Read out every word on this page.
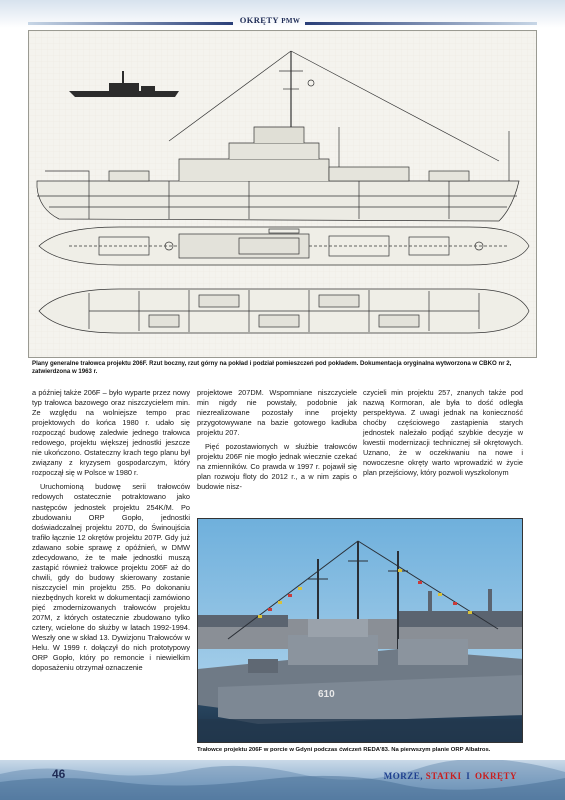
OKRĘTY PMW
Plany generalne trałowca projektu 206F. Rzut boczny, rzut górny na pokład i podział pomieszczeń pod pokładem. Dokumentacja oryginalna wytworzona w CBKO nr 2, zatwierdzona w 1963 r.

a później także 206F – było wyparte przez nowy typ trałowca bazowego oraz niszczycielem min. Ze względu na wolniejsze tempo prac projektowych do końca 1980 r. udało się rozpocząć budowę zaledwie jednego trałowca redowego, projektu większej jednostki jeszcze nie ukończono. Ostateczny krach tego planu był związany z kryzysem gospodarczym, który rozpoczął się w Polsce w 1980 r.

Uruchomioną budowę serii trałowców redowych ostatecznie potraktowano jako następców jednostek projektu 254K/M. Po zbudowaniu ORP Gopło, jednostki doświadczalnej projektu 207D, do Świnoujścia trafiło łącznie 12 okrętów projektu 207P. Gdy już zdawano sobie sprawę z opóźnień, w DMW zdecydowano, że te małe jednostki muszą zastąpić również trałowce projektu 206F aż do chwili, gdy do budowy skierowany zostanie niszczyciel min projektu 255. Po dokonaniu niezbędnych korekt w dokumentacji zamówiono pięć zmodernizowanych trałowców projektu 207M, z których ostatecznie zbudowano tylko cztery, wcielone do służby w latach 1992-1994. Weszły one w skład 13. Dywizjonu Trałowców w Helu. W 1999 r. dołączył do nich prototypowy ORP Gopło, który po remoncie i niewielkim doposażeniu otrzymał oznaczenie

projektowe 207DM. Wspomniane niszczyciele min nigdy nie powstały, podobnie jak niezrealizowane pozostały inne projekty przygotowywane na bazie gotowego kadłuba projektu 207.

Pięć pozostawionych w służbie trałowców projektu 206F nie mogło jednak wiecznie czekać na zmienników. Co prawda w 1997 r. pojawił się plan rozwoju floty do 2012 r., a w nim zapis o budowie nisz-

czycieli min projektu 257, znanych także pod nazwą Kormoran, ale była to dość odległa perspektywa. Z uwagi jednak na konieczność choćby częściowego zastąpienia starych jednostek należało podjąć szybkie decyzje w kwestii modernizacji technicznej sił okrętowych. Uznano, że w oczekiwaniu na nowe i nowoczesne okręty warto wprowadzić w życie plan przejściowy, który pozwoli wyszkolonym

610
Trałowce projektu 206F w porcie w Gdyni podczas ćwiczeń REDA'83. Na pierwszym planie ORP Albatros.
46	MORZE, STATKI I OKRĘTY
